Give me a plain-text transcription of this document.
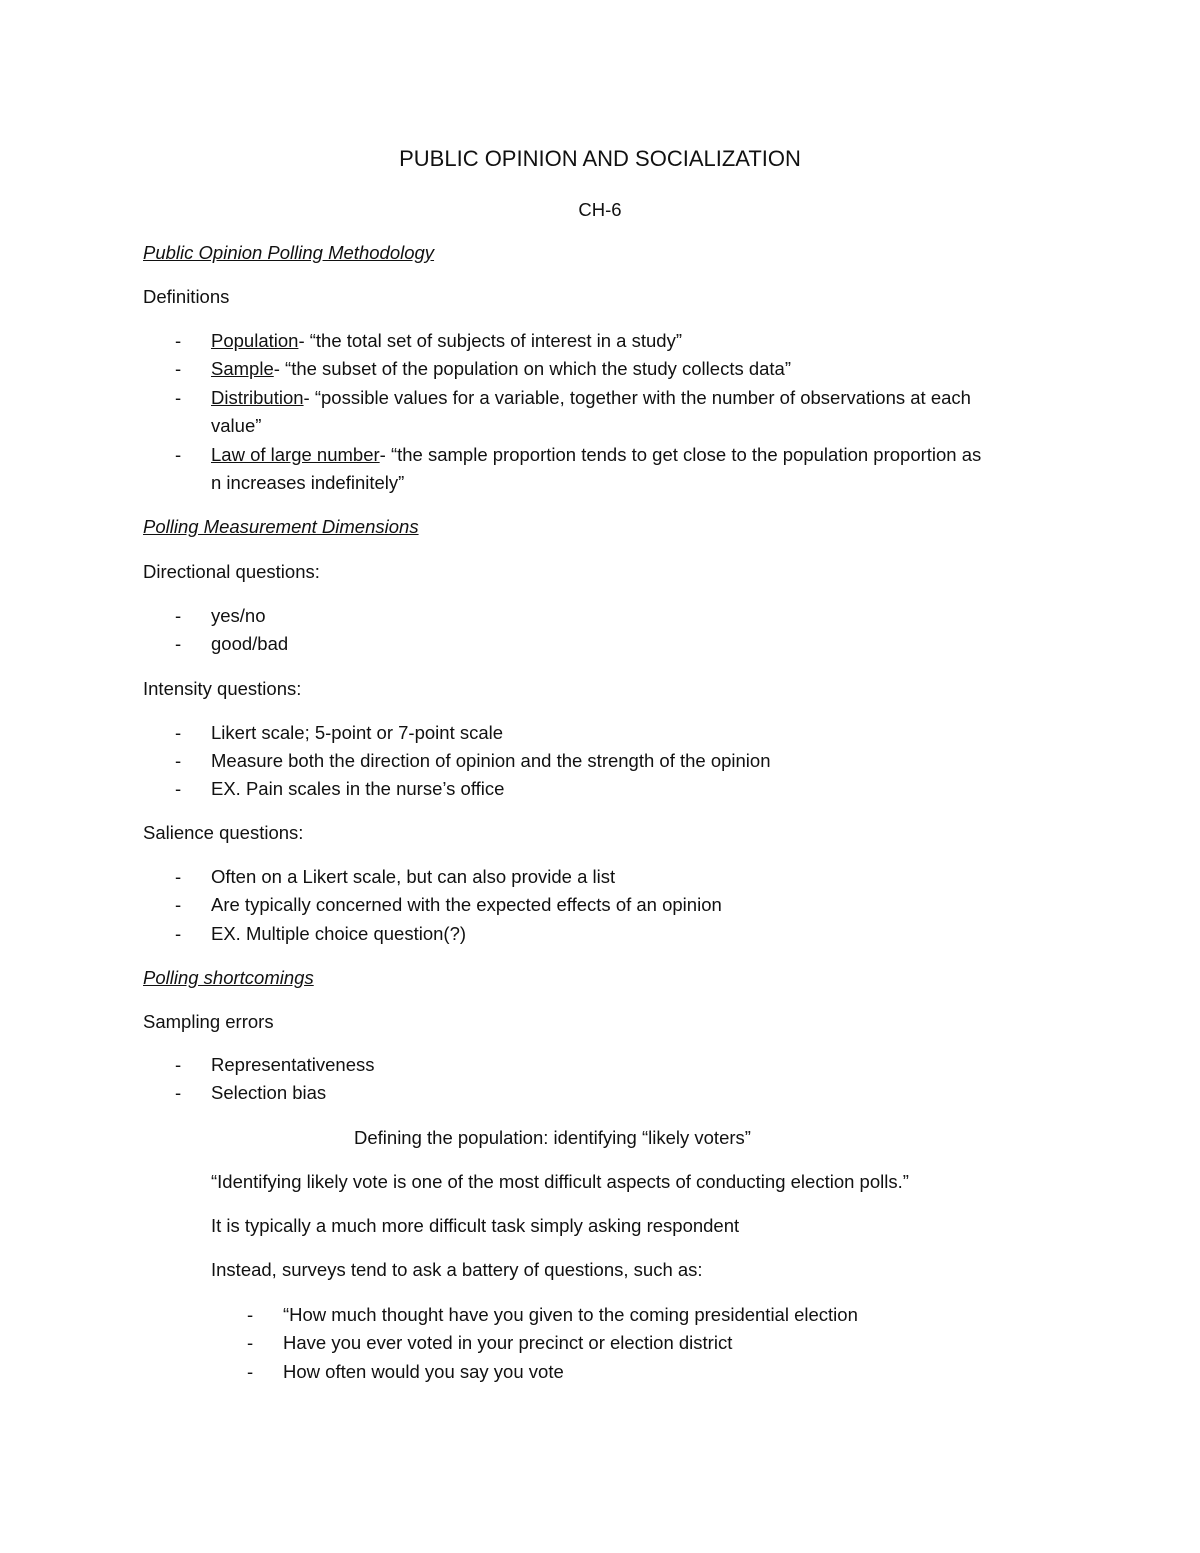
PUBLIC OPINION AND SOCIALIZATION
CH-6
Public Opinion Polling Methodology
Definitions
- Population- “the total set of subjects of interest in a study”
- Sample- “the subset of the population on which the study collects data”
- Distribution- “possible values for a variable, together with the number of observations at each
value”
- Law of large number- “the sample proportion tends to get close to the population proportion as
n increases indefinitely”
Polling Measurement Dimensions
Directional questions:
- yes/no
- good/bad
Intensity questions:
- Likert scale; 5-point or 7-point scale
- Measure both the direction of opinion and the strength of the opinion
- EX. Pain scales in the nurse’s office
Salience questions:
- Often on a Likert scale, but can also provide a list
- Are typically concerned with the expected effects of an opinion
- EX. Multiple choice question(?)
Polling shortcomings
Sampling errors
- Representativeness
- Selection bias
Defining the population: identifying “likely voters”
“Identifying likely vote is one of the most difficult aspects of conducting election polls.”
It is typically a much more difficult task simply asking respondent
Instead, surveys tend to ask a battery of questions, such as:
- “How much thought have you given to the coming presidential election
- Have you ever voted in your precinct or election district
- How often would you say you vote
